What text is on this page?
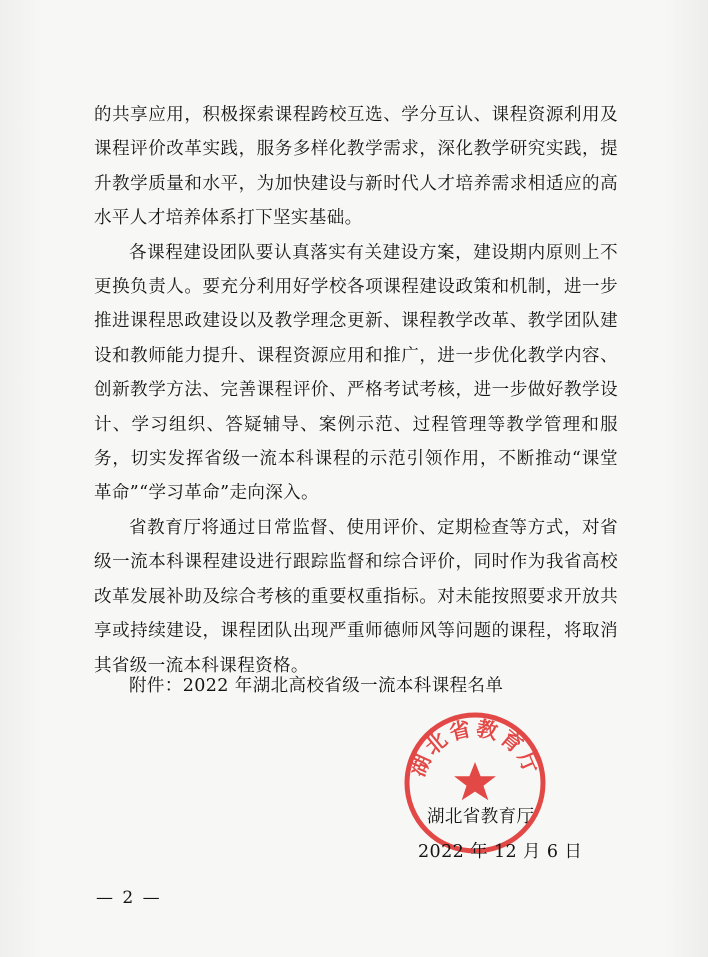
的共享应用，积极探索课程跨校互选、学分互认、课程资源利用及课程评价改革实践，服务多样化教学需求，深化教学研究实践，提升教学质量和水平，为加快建设与新时代人才培养需求相适应的高水平人才培养体系打下坚实基础。

各课程建设团队要认真落实有关建设方案，建设期内原则上不更换负责人。要充分利用好学校各项课程建设政策和机制，进一步推进课程思政建设以及教学理念更新、课程教学改革、教学团队建设和教师能力提升、课程资源应用和推广，进一步优化教学内容、创新教学方法、完善课程评价、严格考试考核，进一步做好教学设计、学习组织、答疑辅导、案例示范、过程管理等教学管理和服务，切实发挥省级一流本科课程的示范引领作用，不断推动“课堂革命”“学习革命”走向深入。

省教育厅将通过日常监督、使用评价、定期检查等方式，对省级一流本科课程建设进行跟踪监督和综合评价，同时作为我省高校改革发展补助及综合考核的重要权重指标。对未能按照要求开放共享或持续建设，课程团队出现严重师德师风等问题的课程，将取消其省级一流本科课程资格。

附件：2022 年湖北高校省级一流本科课程名单
湖北省教育厅
湖北省教育厅
2022 年 12 月 6 日
— 2 —
